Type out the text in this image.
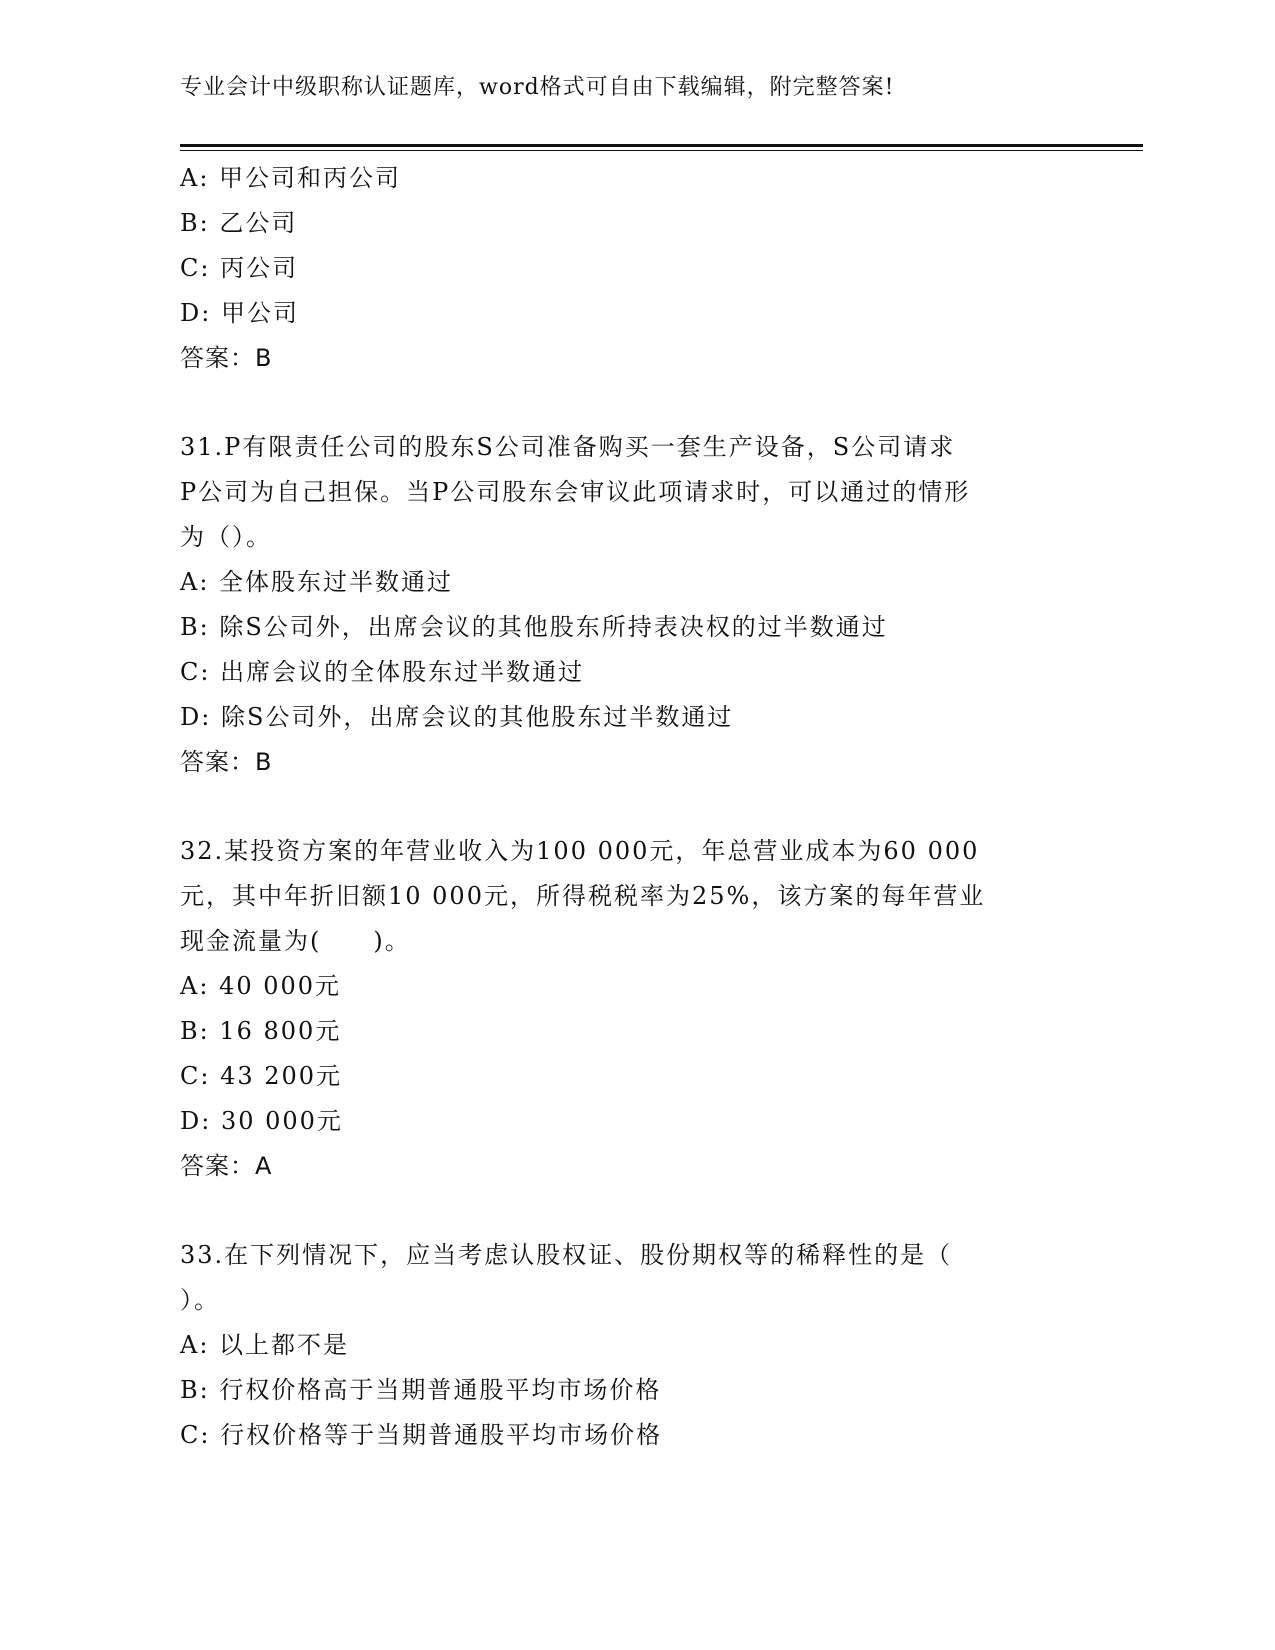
专业会计中级职称认证题库，word格式可自由下载编辑，附完整答案!
A: 甲公司和丙公司
B: 乙公司
C: 丙公司
D: 甲公司
答案：B
31.P有限责任公司的股东S公司准备购买一套生产设备，S公司请求
P公司为自己担保。当P公司股东会审议此项请求时，可以通过的情形
为（）。
A: 全体股东过半数通过
B: 除S公司外，出席会议的其他股东所持表决权的过半数通过
C: 出席会议的全体股东过半数通过
D: 除S公司外，出席会议的其他股东过半数通过
答案：B
32.某投资方案的年营业收入为100 000元，年总营业成本为60 000
元，其中年折旧额10 000元，所得税税率为25%，该方案的每年营业
现金流量为(　　)。
A: 40 000元
B: 16 800元
C: 43 200元
D: 30 000元
答案：A
33.在下列情况下，应当考虑认股权证、股份期权等的稀释性的是（
）。
A: 以上都不是
B: 行权价格高于当期普通股平均市场价格
C: 行权价格等于当期普通股平均市场价格
